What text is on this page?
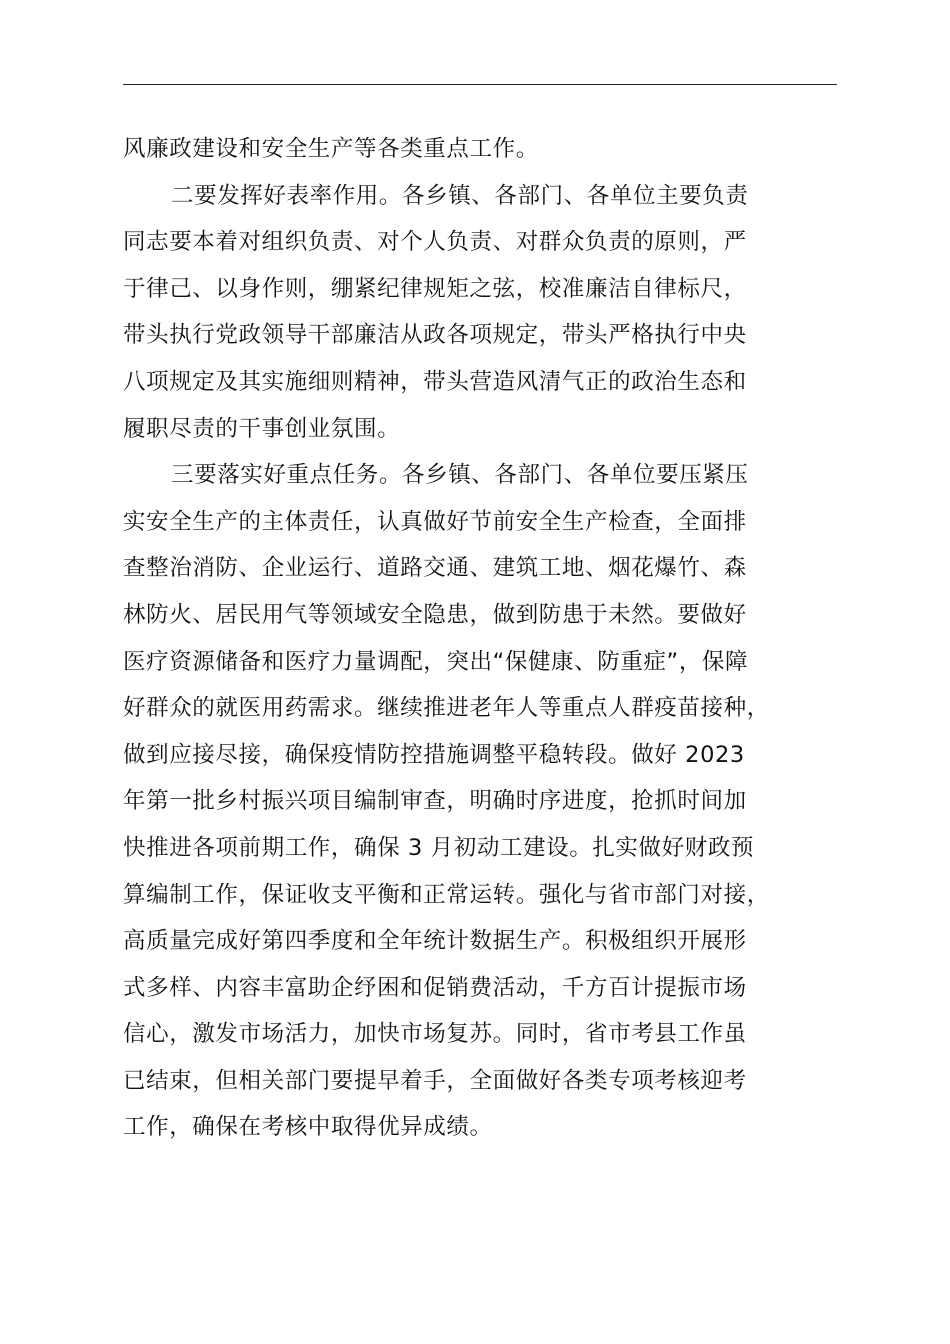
风廉政建设和安全生产等各类重点工作。
二要发挥好表率作用。各乡镇、各部门、各单位主要负责
同志要本着对组织负责、对个人负责、对群众负责的原则，严
于律己、以身作则，绷紧纪律规矩之弦，校准廉洁自律标尺，
带头执行党政领导干部廉洁从政各项规定，带头严格执行中央
八项规定及其实施细则精神，带头营造风清气正的政治生态和
履职尽责的干事创业氛围。
三要落实好重点任务。各乡镇、各部门、各单位要压紧压
实安全生产的主体责任，认真做好节前安全生产检查，全面排
查整治消防、企业运行、道路交通、建筑工地、烟花爆竹、森
林防火、居民用气等领域安全隐患，做到防患于未然。要做好
医疗资源储备和医疗力量调配，突出“保健康、防重症”，保障
好群众的就医用药需求。继续推进老年人等重点人群疫苗接种，
做到应接尽接，确保疫情防控措施调整平稳转段。做好 2023
年第一批乡村振兴项目编制审查，明确时序进度，抢抓时间加
快推进各项前期工作，确保 3 月初动工建设。扎实做好财政预
算编制工作，保证收支平衡和正常运转。强化与省市部门对接，
高质量完成好第四季度和全年统计数据生产。积极组织开展形
式多样、内容丰富助企纾困和促销费活动，千方百计提振市场
信心，激发市场活力，加快市场复苏。同时，省市考县工作虽
已结束，但相关部门要提早着手，全面做好各类专项考核迎考
工作，确保在考核中取得优异成绩。
